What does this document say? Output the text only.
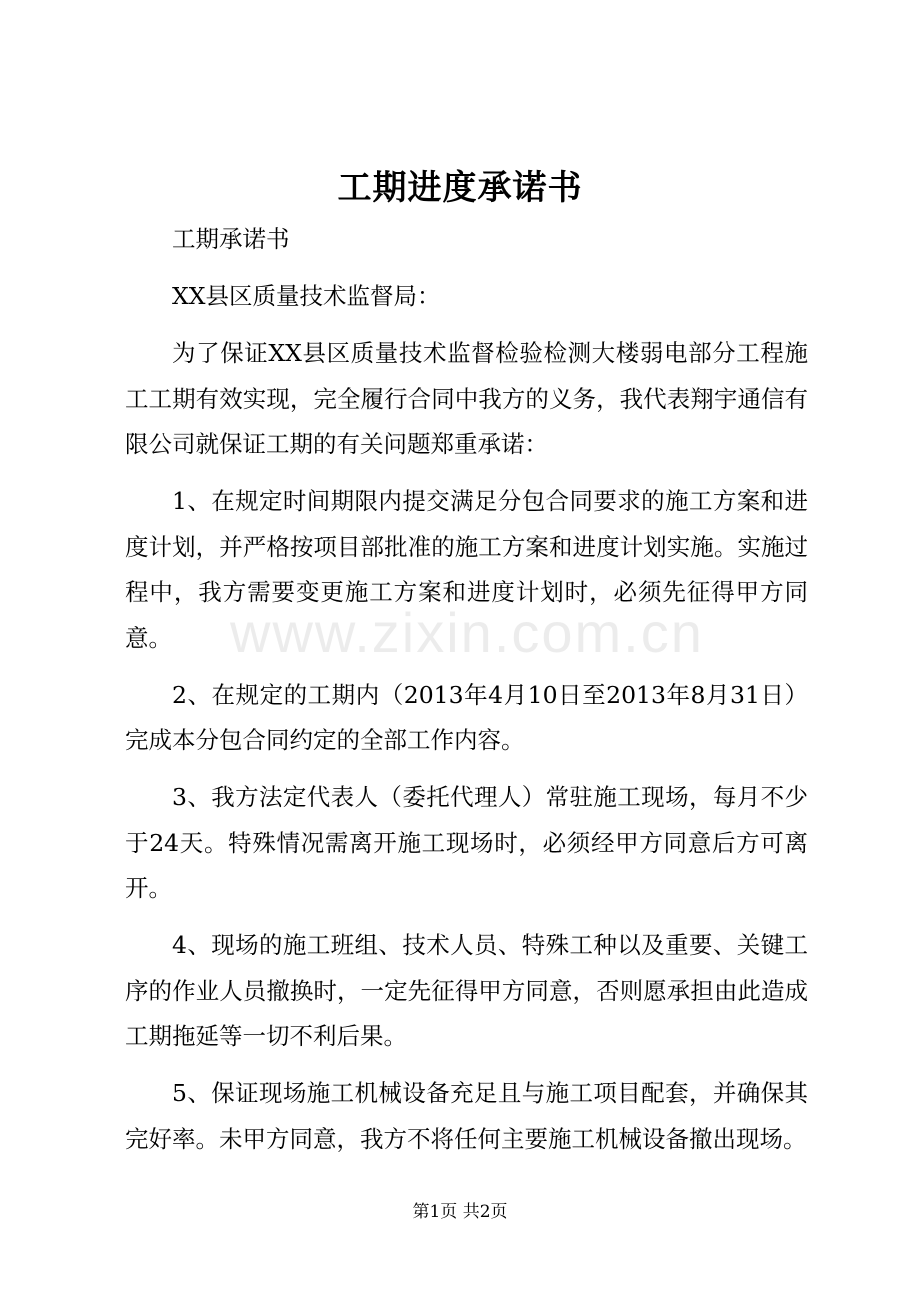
工期进度承诺书

工期承诺书

XX县区质量技术监督局：

为了保证XX县区质量技术监督检验检测大楼弱电部分工程施工工期有效实现，完全履行合同中我方的义务，我代表翔宇通信有限公司就保证工期的有关问题郑重承诺：

1、在规定时间期限内提交满足分包合同要求的施工方案和进度计划，并严格按项目部批准的施工方案和进度计划实施。实施过程中，我方需要变更施工方案和进度计划时，必须先征得甲方同意。

2、在规定的工期内（2013年4月10日至2013年8月31日）完成本分包合同约定的全部工作内容。

3、我方法定代表人（委托代理人）常驻施工现场，每月不少于24天。特殊情况需离开施工现场时，必须经甲方同意后方可离开。

4、现场的施工班组、技术人员、特殊工种以及重要、关键工序的作业人员撤换时，一定先征得甲方同意，否则愿承担由此造成工期拖延等一切不利后果。

5、保证现场施工机械设备充足且与施工项目配套，并确保其完好率。未甲方同意，我方不将任何主要施工机械设备撤出现场。

www.zixin.com.cn
第1页 共2页
